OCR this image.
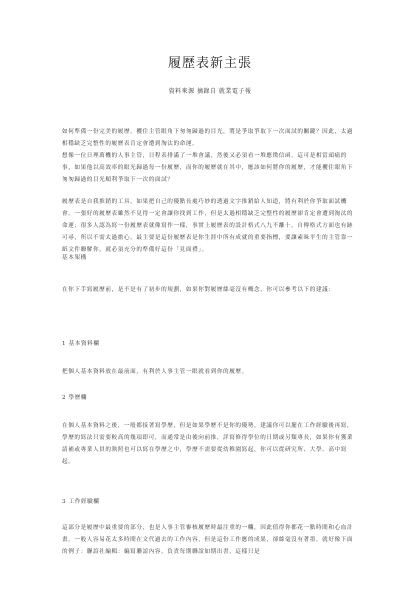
履歷表新主張
資料來源 摘錄自 就業電子報

如何準備一份完美的履歷，攫住主管眼角下匆匆歸過的目光，將是爭取爭取下一次面試的關鍵？因此，太過相穩缺乏完整性的履歷表肯定會遭到淘汰的命運。

想像一位日理萬機的人事主管，日程表排滿了一堆會議，然後又必須看一堆應徵信函，這可是相當頭痛的事，如果他以高效率的眼光歸過每一份履歷，而你的履歷就在其中，應該如何將你的履歷，才能攫住眼角下匆匆歸過的目光順利爭取下一次的面試？

履歷表是自我推銷的工具，如果把自己的優點長處巧妙的透過文字推銷給人知道，將有利於你爭取面試機會。一張好的履歷表雖然不見得一定會讓你找到工作，但是太過相穩缺乏完整性的履歷卻肯定會遭到淘汰的命運；很多人認為寫一份履歷表就像寫作一樣，事實上履歷表的設計格式八九不離十，自傳格式方面也有跡可尋，所以不需太過擔心，最主要是這份履歷表是你生涯中所有成就的重要指標，要讓素昧平生的主管靠一紙文件瞭解你，就必須充分的準備好這份「見面禮」。

基本架構

在你下手寫履歷前，是不是有了初步的規劃，如果你對履歷絲毫沒有概念，你可以參考以下的建議：

1 基本資料欄

把個人基本資料放在最前面，有利於人事主管一眼就看到你的履歷。

2 學歷欄

在個人基本資料之後，一般都接著寫學歷，但是如果學歷不是你的優勢，建議你可以擺在工作經驗後再寫，學歷的寫法只需要較高的幾項即可，而通常是由後向前推，詳寫修得學位的日期或另類專長，如果你有獲業請補或專業人員的執照也可以寫在學歷之中，學歷不需要從幼稚園寫起，你可以從研究所、大學、高中寫起。

3 工作經驗欄

這部分是履歷中最重要的部分，也是人事主管審核履歷時最注重的一欄，因此值得你都花一點時間和心血計畫。一般人容易花太多時間在文代過去的工作內容，但是這份工作應的成果，卻絲毫沒有著墨，就好像下面的例子：聯誼社編輯：編寫聯誼內容，負責每期聯誼如期出書，這樣只是
